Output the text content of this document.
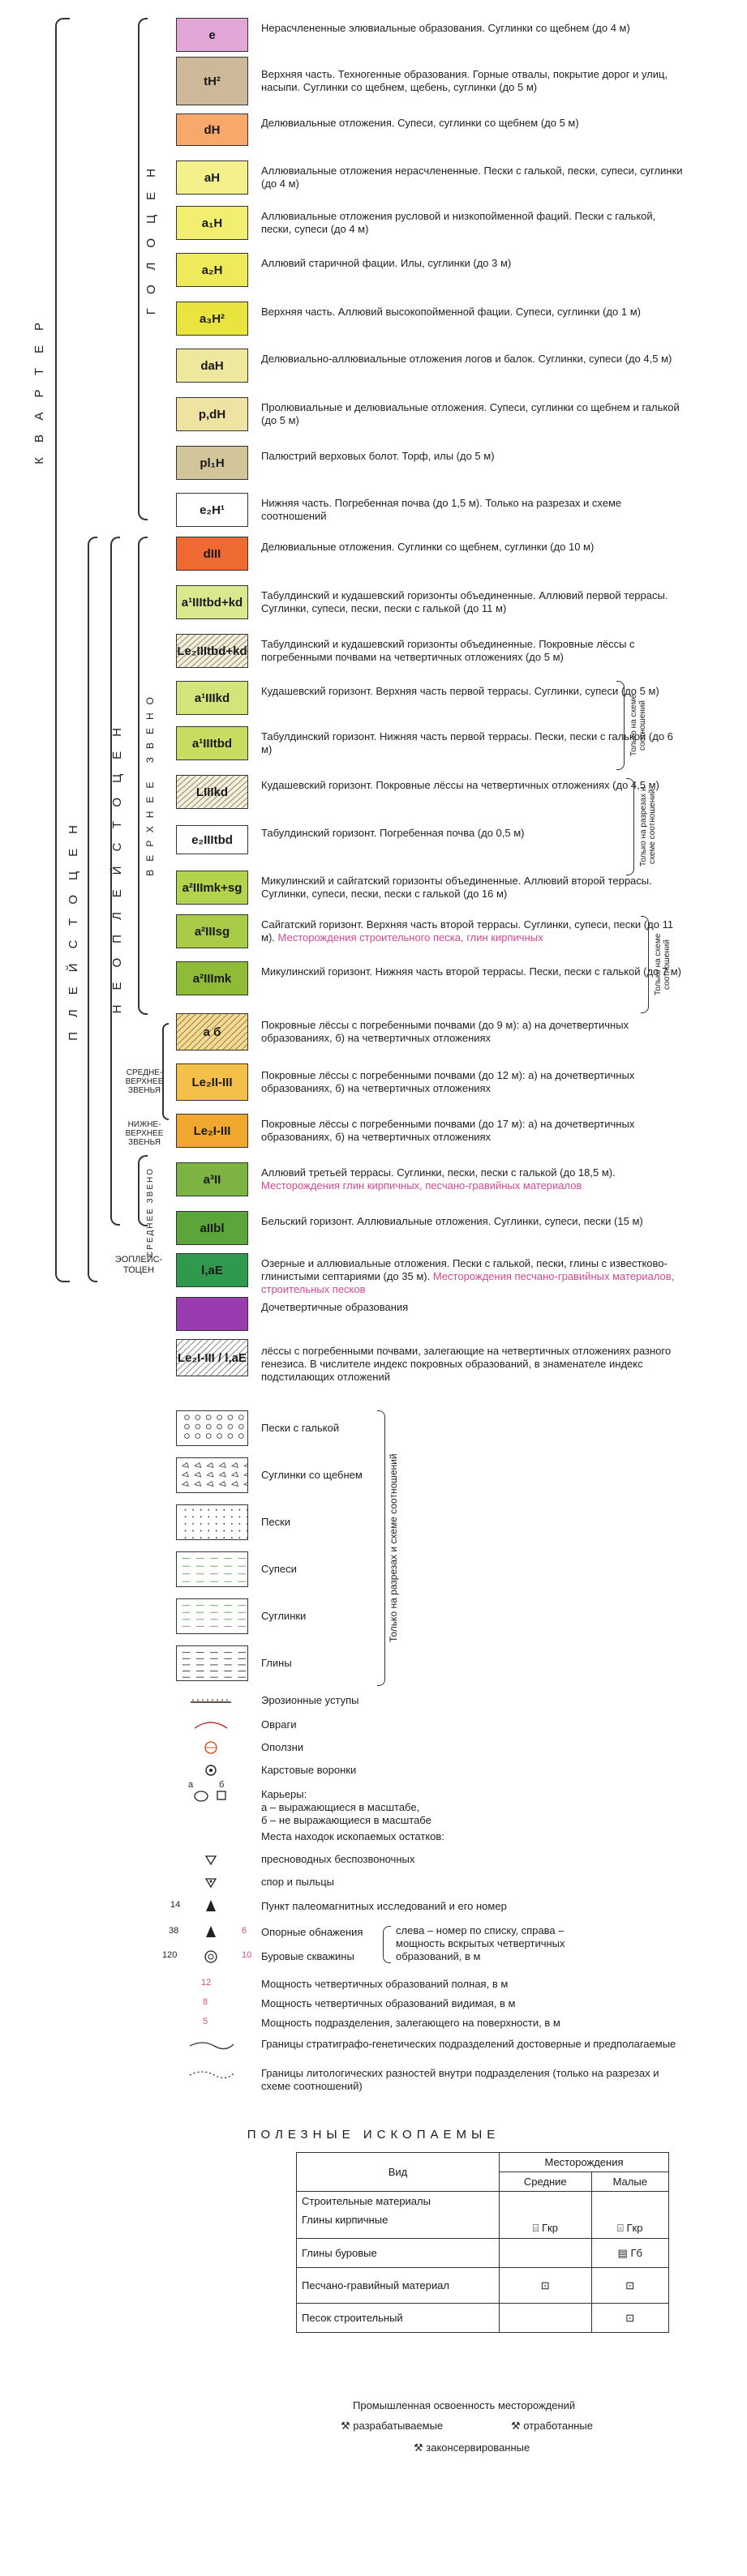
КВАРТЕР
ГОЛОЦЕН
ПЛЕЙСТОЦЕН НЕОПЛЕЙСТОЦЕН ВЕРХНЕЕ ЗВЕНО
СРЕДНЕ-ВЕРХНЕЕ ЗВЕНЬЯ
НИЖНЕ-ВЕРХНЕЕ ЗВЕНЬЯ
СРЕДНЕЕ ЗВЕНО
ЭОПЛЕЙС-ТОЦЕН
e	Нерасчлененные элювиальные образования. Суглинки со щебнем (до 4 м)
tH²	Верхняя часть. Техногенные образования. Горные отвалы, покрытие дорог и улиц, насыпи. Суглинки со щебнем, щебень, суглинки (до 5 м)
dH	Делювиальные отложения. Супеси, суглинки со щебнем (до 5 м)
aH	Аллювиальные отложения нерасчлененные. Пески с галькой, пески, супеси, суглинки (до 4 м)
a₁H	Аллювиальные отложения русловой и низкопойменной фаций. Пески с галькой, пески, супеси (до 4 м)
a₂H	Аллювий старичной фации. Илы, суглинки (до 3 м)
a₃H²	Верхняя часть. Аллювий высокопойменной фации. Супеси, суглинки (до 1 м)
daH	Делювиально-аллювиальные отложения логов и балок. Суглинки, супеси (до 4,5 м)
p,dH	Пролювиальные и делювиальные отложения. Супеси, суглинки со щебнем и галькой (до 5 м)
pl₁H	Палюстрий верховых болот. Торф, илы (до 5 м)
e₂H¹	Нижняя часть. Погребенная почва (до 1,5 м). Только на разрезах и схеме соотношений
dIII	Делювиальные отложения. Суглинки со щебнем, суглинки (до 10 м)
a¹IIItbd+kd Табулдинский и кудашевский горизонты объединенные. Аллювий первой террасы. Суглинки, супеси, пески, пески с галькой (до 11 м)
Le₂IIItbd+kd Табулдинский и кудашевский горизонты объединенные. Покровные лёссы с погребенными почвами на четвертичных отложениях (до 5 м)
a¹IIIkd	Кудашевский горизонт. Верхняя часть первой террасы. Суглинки, супеси (до 5 м)
a¹IIItbd	Табулдинский горизонт. Нижняя часть первой террасы. Пески, пески с галькой (до 6 м)
LIIIkd	Кудашевский горизонт. Покровные лёссы на четвертичных отложениях (до 4,5 м)
e₂IIItbd	Табулдинский горизонт. Погребенная почва (до 0,5 м)
a²IIImk+sg Микулинский и сайгатский горизонты объединенные. Аллювий второй террасы. Суглинки, супеси, пески, пески с галькой (до 16 м)
a²IIIsg	Сайгатский горизонт. Верхняя часть второй террасы. Суглинки, супеси, пески (до 11 м). Месторождения строительного песка, глин кирпичных
a²IIImk	Микулинский горизонт. Нижняя часть второй террасы. Пески, пески с галькой (до 7 м)
a б	Покровные лёссы с погребенными почвами (до 9 м): а) на дочетвертичных образованиях, б) на четвертичных отложениях
Le₂II-III	Покровные лёссы с погребенными почвами (до 12 м): а) на дочетвертичных образованиях, б) на четвертичных отложениях
Le₂I-III	Покровные лёссы с погребенными почвами (до 17 м): а) на дочетвертичных образованиях, б) на четвертичных отложениях
a³II	Аллювий третьей террасы. Суглинки, пески, пески с галькой (до 18,5 м). Месторождения глин кирпичных, песчано-гравийных материалов
aIIbl	Бельский горизонт. Аллювиальные отложения. Суглинки, супеси, пески (15 м)
l,aE	Озерные и аллювиальные отложения. Пески с галькой, пески, глины с известково-глинистыми септариями (до 35 м). Месторождения песчано-гравийных материалов, строительных песков
Дочетвертичные образования
Le₂I-III / l,aE лёссы с погребенными почвами, залегающие на четвертичных отложениях разного генезиса. В числителе индекс покровных образований, в знаменателе индекс подстилающих отложений
Только на схеме соотношений
Только на разрезах и схеме соотношений
Только на схеме соотношений
Пески с галькой
Суглинки со щебнем
Пески
Супеси
Суглинки
Глины
Только на разрезах и схеме соотношений
Эрозионные уступы
Овраги
Оползни
Карстовые воронки
Карьеры:
а – выражающиеся в масштабе,
б – не выражающиеся в масштабе
Места находок ископаемых остатков:
пресноводных беспозвоночных
спор и пыльцы
Пункт палеомагнитных исследований и его номер
Опорные обнажения
Буровые скважины
Мощность четвертичных образований полная, в м
Мощность четвертичных образований видимая, в м
Мощность подразделения, залегающего на поверхности, в м
Границы стратиграфо-генетических подразделений достоверные и предполагаемые
Границы литологических разностей внутри подразделения (только на разрезах и схеме соотношений)
14
38	6
120	10
12
8
5
а	б
слева – номер по списку, справа – мощность вскрытых четвертичных образований, в м
ПОЛЕЗНЫЕ ИСКОПАЕМЫЕ
Вид	Месторождения	
	Средние	Малые

Строительные материалы
Глины кирпичные	⌸ Гкр	⌸ Гкр
Глины буровые		▤ Гб
Песчано-гравийный материал	⊡	⊡
Песок строительный		⊡
Промышленная освоенность месторождений
⚒ разрабатываемые	⚒ отработанные
⚒ законсервированные
